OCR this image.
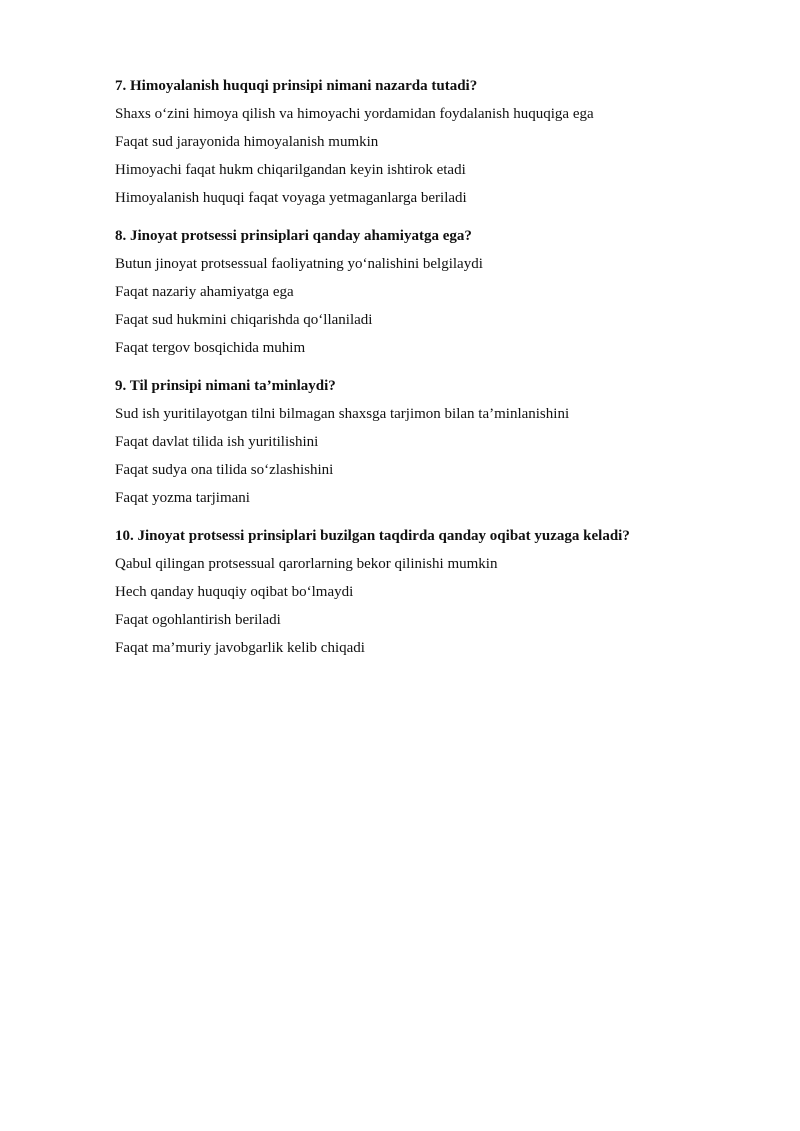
7. Himoyalanish huquqi prinsipi nimani nazarda tutadi?
Shaxs o‘zini himoya qilish va himoyachi yordamidan foydalanish huquqiga ega
Faqat sud jarayonida himoyalanish mumkin
Himoyachi faqat hukm chiqarilgandan keyin ishtirok etadi
Himoyalanish huquqi faqat voyaga yetmaganlarga beriladi
8. Jinoyat protsessi prinsiplari qanday ahamiyatga ega?
Butun jinoyat protsessual faoliyatning yo‘nalishini belgilaydi
Faqat nazariy ahamiyatga ega
Faqat sud hukmini chiqarishda qo‘llaniladi
Faqat tergov bosqichida muhim
9. Til prinsipi nimani ta’minlaydi?
Sud ish yuritilayotgan tilni bilmagan shaxsga tarjimon bilan ta’minlanishini
Faqat davlat tilida ish yuritilishini
Faqat sudya ona tilida so‘zlashishini
Faqat yozma tarjimani
10. Jinoyat protsessi prinsiplari buzilgan taqdirda qanday oqibat yuzaga keladi?
Qabul qilingan protsessual qarorlarning bekor qilinishi mumkin
Hech qanday huquqiy oqibat bo‘lmaydi
Faqat ogohlantirish beriladi
Faqat ma’muriy javobgarlik kelib chiqadi
